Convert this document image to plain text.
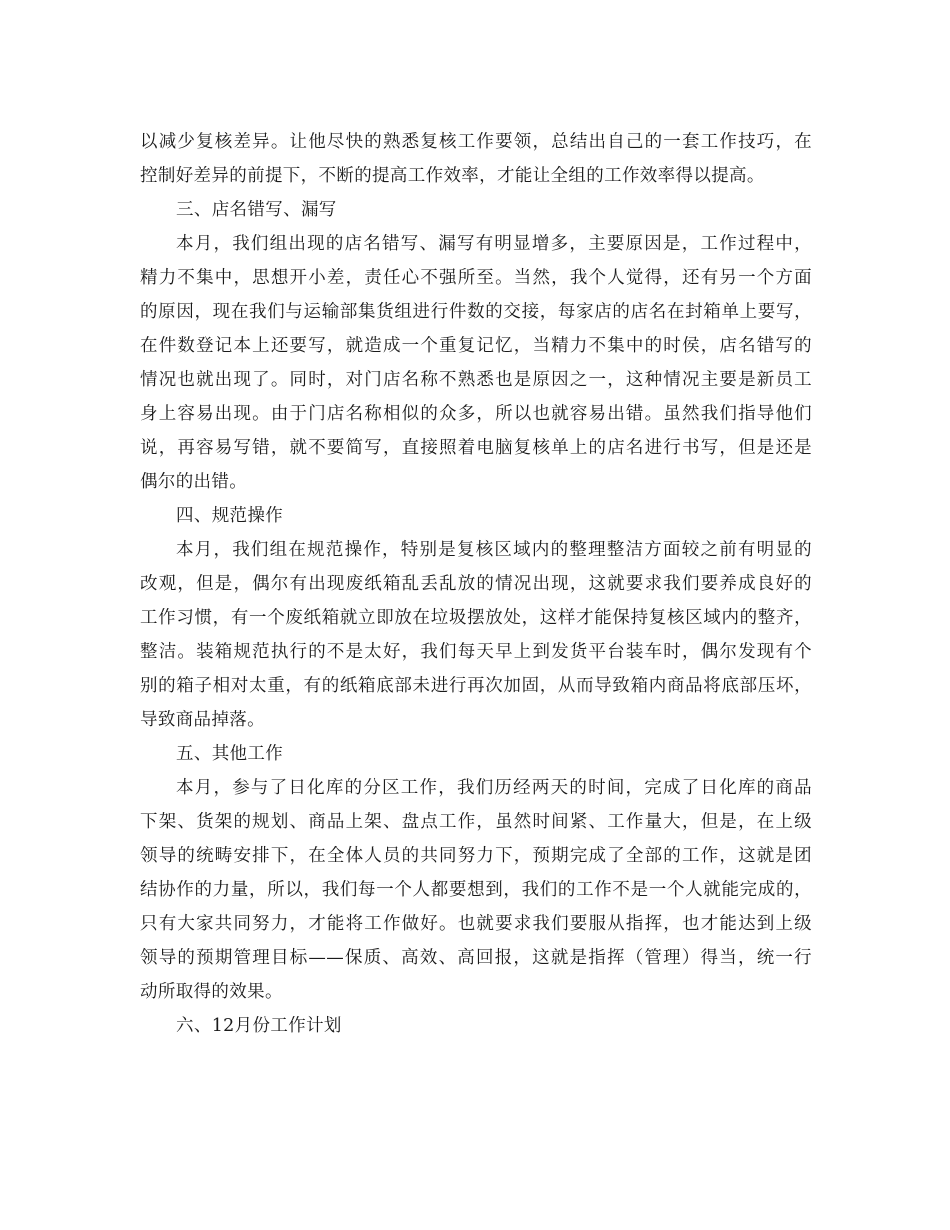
以减少复核差异。让他尽快的熟悉复核工作要领，总结出自己的一套工作技巧，在
控制好差异的前提下，不断的提高工作效率，才能让全组的工作效率得以提高。
三、店名错写、漏写
本月，我们组出现的店名错写、漏写有明显增多，主要原因是，工作过程中，
精力不集中，思想开小差，责任心不强所至。当然，我个人觉得，还有另一个方面
的原因，现在我们与运输部集货组进行件数的交接，每家店的店名在封箱单上要写，
在件数登记本上还要写，就造成一个重复记忆，当精力不集中的时侯，店名错写的
情况也就出现了。同时，对门店名称不熟悉也是原因之一，这种情况主要是新员工
身上容易出现。由于门店名称相似的众多，所以也就容易出错。虽然我们指导他们
说，再容易写错，就不要简写，直接照着电脑复核单上的店名进行书写，但是还是
偶尔的出错。
四、规范操作
本月，我们组在规范操作，特别是复核区域内的整理整洁方面较之前有明显的
改观，但是，偶尔有出现废纸箱乱丢乱放的情况出现，这就要求我们要养成良好的
工作习惯，有一个废纸箱就立即放在垃圾摆放处，这样才能保持复核区域内的整齐，
整洁。装箱规范执行的不是太好，我们每天早上到发货平台装车时，偶尔发现有个
别的箱子相对太重，有的纸箱底部未进行再次加固，从而导致箱内商品将底部压坏，
导致商品掉落。
五、其他工作
本月，参与了日化库的分区工作，我们历经两天的时间，完成了日化库的商品
下架、货架的规划、商品上架、盘点工作，虽然时间紧、工作量大，但是，在上级
领导的统畴安排下，在全体人员的共同努力下，预期完成了全部的工作，这就是团
结协作的力量，所以，我们每一个人都要想到，我们的工作不是一个人就能完成的，
只有大家共同努力，才能将工作做好。也就要求我们要服从指挥，也才能达到上级
领导的预期管理目标——保质、高效、高回报，这就是指挥（管理）得当，统一行
动所取得的效果。
六、12月份工作计划
